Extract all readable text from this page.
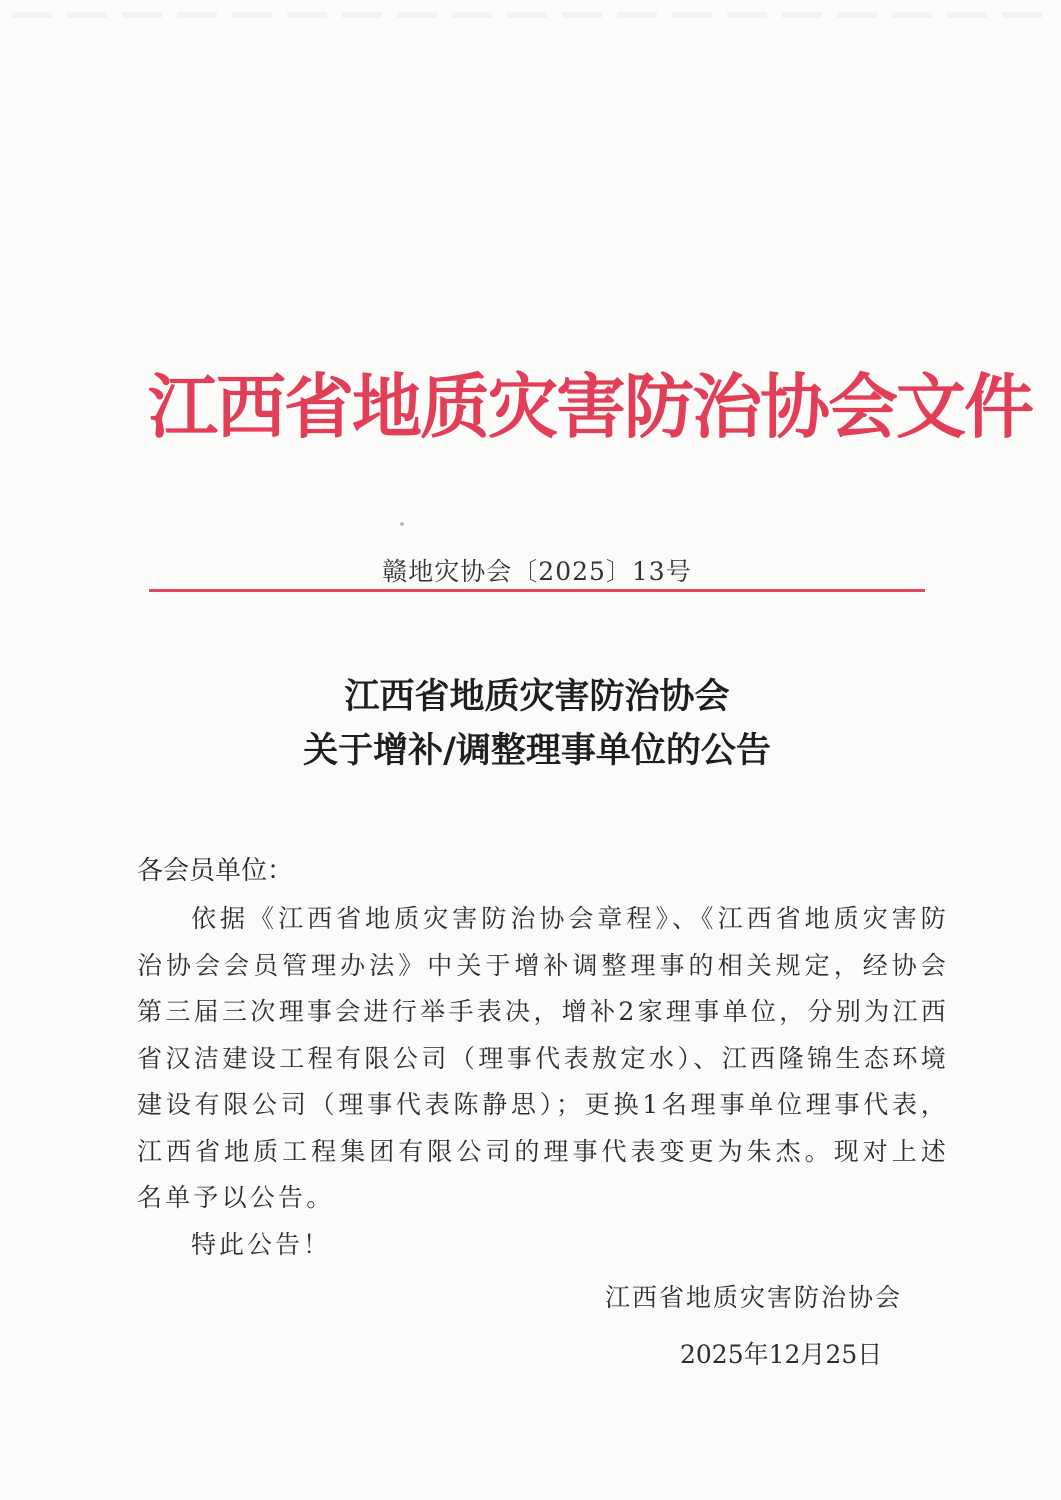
江西省地质灾害防治协会文件
赣地灾协会〔2025〕13号
江西省地质灾害防治协会
关于增补/调整理事单位的公告
各会员单位：

依据《江西省地质灾害防治协会章程》、《江西省地质灾害防治协会会员管理办法》中关于增补调整理事的相关规定，经协会第三届三次理事会进行举手表决，增补2家理事单位，分别为江西省汉洁建设工程有限公司（理事代表敖定水）、江西隆锦生态环境建设有限公司（理事代表陈静思）；更换1名理事单位理事代表，江西省地质工程集团有限公司的理事代表变更为朱杰。现对上述名单予以公告。

特此公告！
江西省地质灾害防治协会
2025年12月25日
